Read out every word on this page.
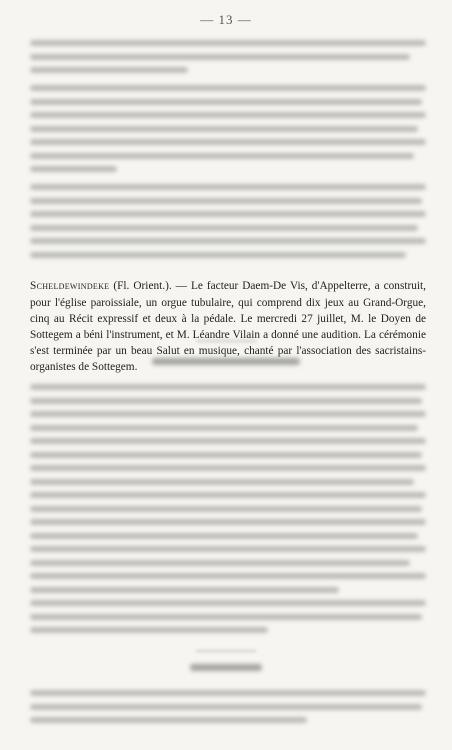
— 13 —

Scheldewindeke (Fl. Orient.). — Le facteur Daem-De Vis, d'Appelterre, a construit, pour l'église paroissiale, un orgue tubulaire, qui comprend dix jeux au Grand-Orgue, cinq au Récit expressif et deux à la pédale. Le mercredi 27 juillet, M. le Doyen de Sottegem a béni l'instrument, et M. Léandre Vilain a donné une audition. La cérémonie s'est terminée par un beau Salut en musique, chanté par l'association des sacristains-organistes de Sottegem.
